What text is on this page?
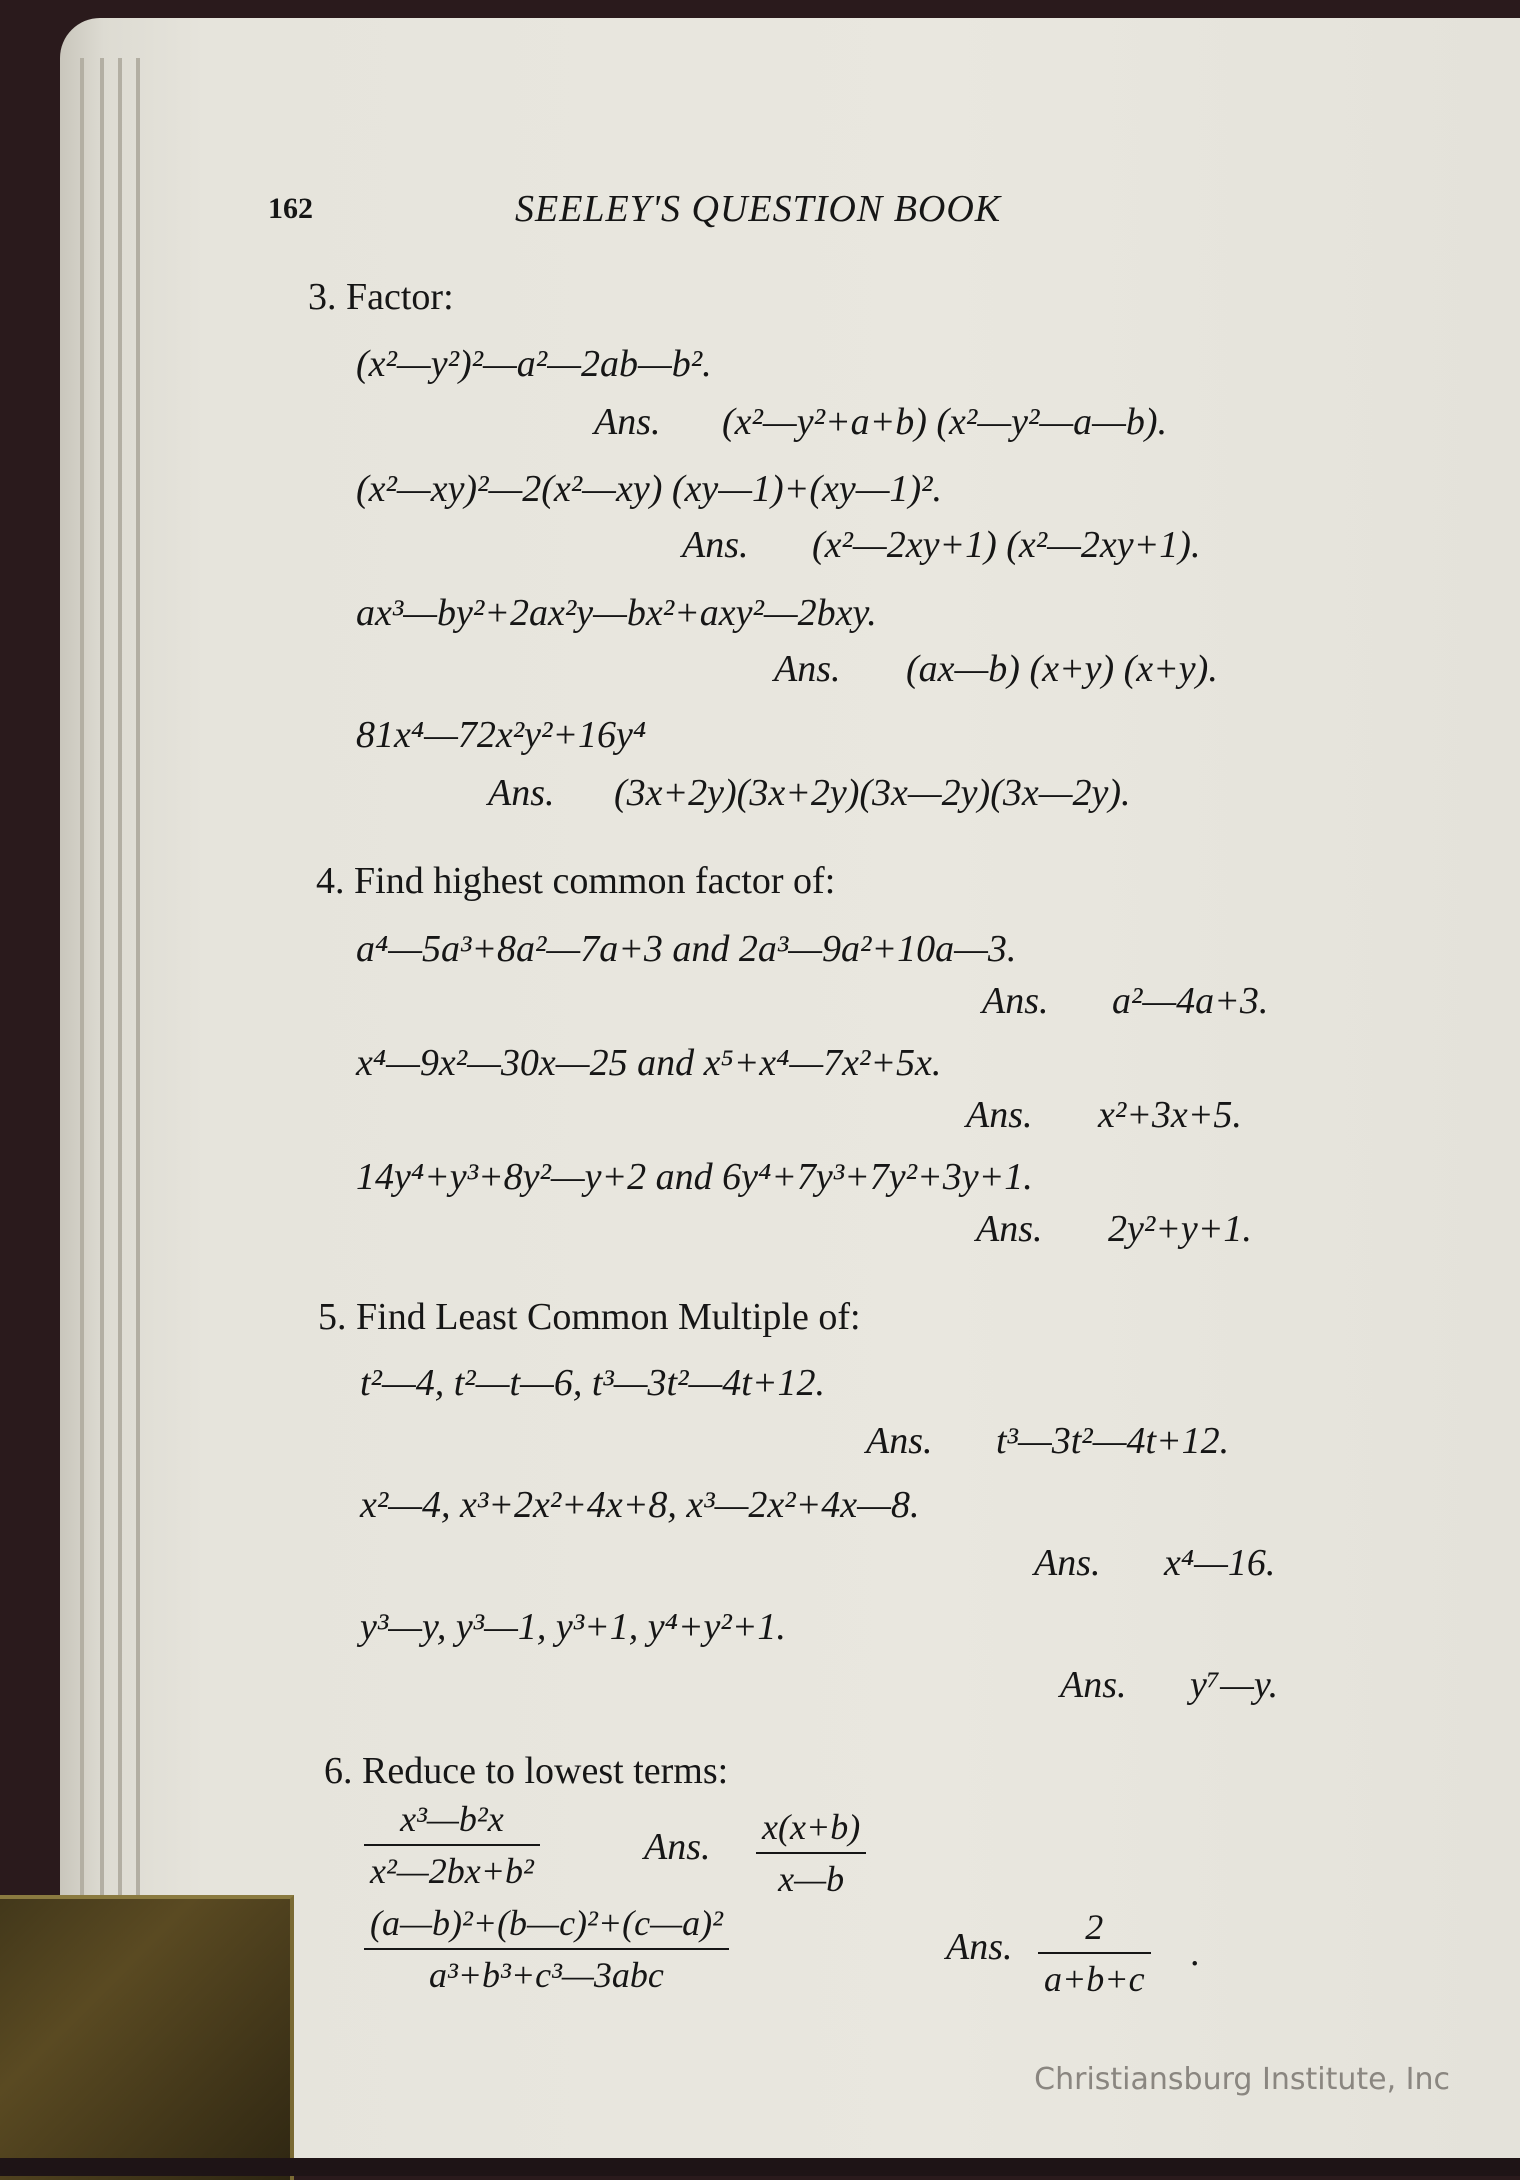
162	SEELEY'S QUESTION BOOK
3. Factor:
(x²—y²)²—a²—2ab—b².
Ans. (x²—y²+a+b) (x²—y²—a—b).
(x²—xy)²—2(x²—xy) (xy—1)+(xy—1)².
Ans. (x²—2xy+1) (x²—2xy+1).
ax³—by²+2ax²y—bx²+axy²—2bxy.
Ans. (ax—b) (x+y) (x+y).
81x⁴—72x²y²+16y⁴
Ans. (3x+2y)(3x+2y)(3x—2y)(3x—2y).
4. Find highest common factor of:
a⁴—5a³+8a²—7a+3 and 2a³—9a²+10a—3.
Ans. a²—4a+3.
x⁴—9x²—30x—25 and x⁵+x⁴—7x²+5x.
Ans. x²+3x+5.
14y⁴+y³+8y²—y+2 and 6y⁴+7y³+7y²+3y+1.
Ans. 2y²+y+1.
5. Find Least Common Multiple of:
t²—4, t²—t—6, t³—3t²—4t+12.
Ans. t³—3t²—4t+12.
x²—4, x³+2x²+4x+8, x³—2x²+4x—8.
Ans. x⁴—16.
y³—y, y³—1, y³+1, y⁴+y²+1.
Ans. y⁷—y.
6. Reduce to lowest terms:
$\frac{\text{x³—b²x}}{\text{x²—2bx+b²}}$	Ans. $\frac{x(x+b)}{x—b}$
(a—b)²+(b—c)²+(c—a)²
a³+b³+c³—3abc
Ans. $\frac{2}{a+b+c}$ .
Christiansburg Institute, Inc
